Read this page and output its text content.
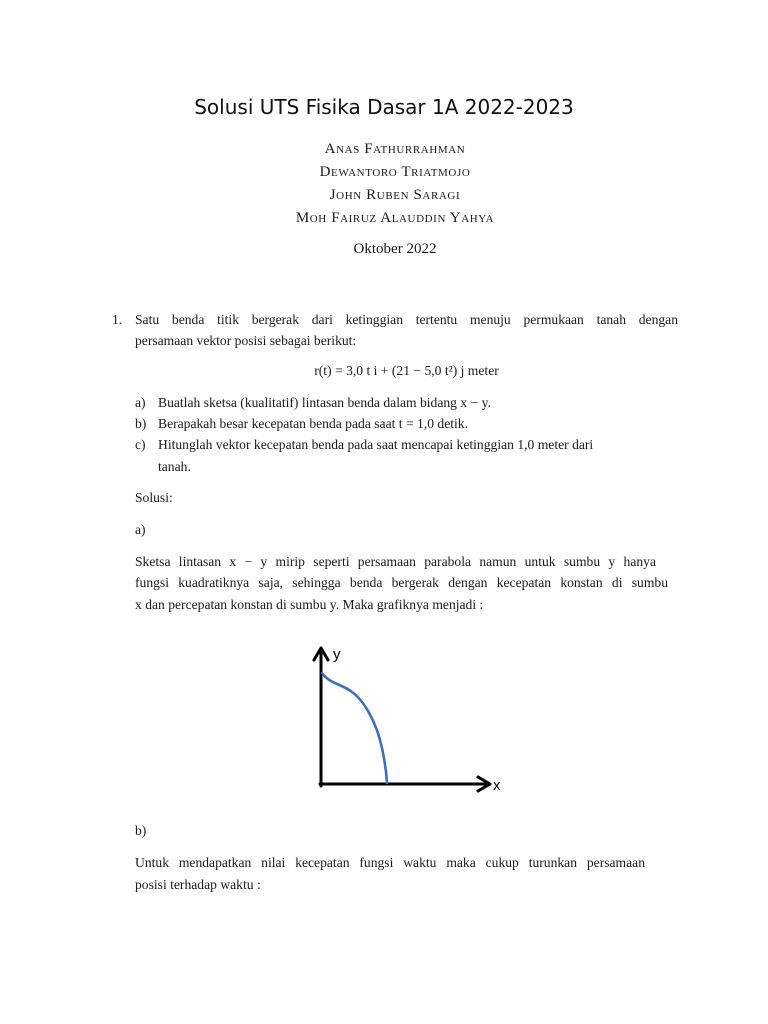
Solusi UTS Fisika Dasar 1A 2022-2023
Anas Fathurrahman
Dewantoro Triatmojo
John Ruben Saragi
Moh Fairuz Alauddin Yahya
Oktober 2022
1. Satu benda titik bergerak dari ketinggian tertentu menuju permukaan tanah dengan
persamaan vektor posisi sebagai berikut:
r(t) = 3,0 t i + (21 − 5,0 t²) j meter
a) Buatlah sketsa (kualitatif) lintasan benda dalam bidang x − y.
b) Berapakah besar kecepatan benda pada saat t = 1,0 detik.
c) Hitunglah vektor kecepatan benda pada saat mencapai ketinggian 1,0 meter dari
tanah.
Solusi:
a)
Sketsa lintasan x − y mirip seperti persamaan parabola namun untuk sumbu y hanya
fungsi kuadratiknya saja, sehingga benda bergerak dengan kecepatan konstan di sumbu
x dan percepatan konstan di sumbu y. Maka grafiknya menjadi :
y
x
b)
Untuk mendapatkan nilai kecepatan fungsi waktu maka cukup turunkan persamaan
posisi terhadap waktu :
